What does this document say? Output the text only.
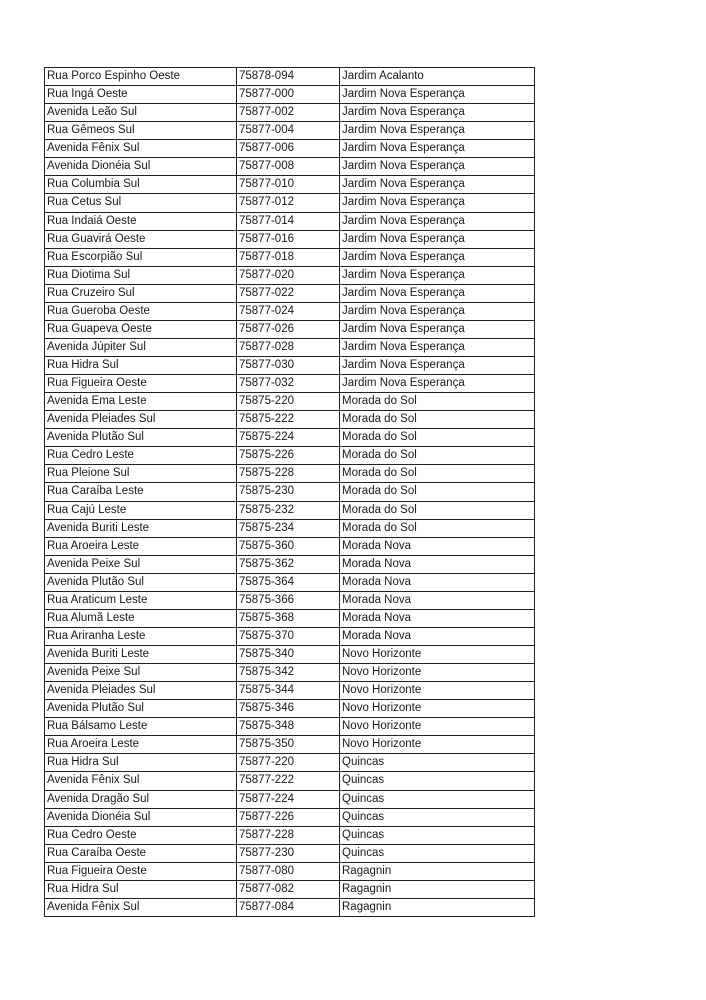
Rua Porco Espinho Oeste	75878-094	Jardim Acalanto
Rua Ingá Oeste	75877-000	Jardim Nova Esperança
Avenida Leão Sul	75877-002	Jardim Nova Esperança
Rua Gêmeos Sul	75877-004	Jardim Nova Esperança
Avenida Fênix Sul	75877-006	Jardim Nova Esperança
Avenida Dionéia Sul	75877-008	Jardim Nova Esperança
Rua Columbia Sul	75877-010	Jardim Nova Esperança
Rua Cetus Sul	75877-012	Jardim Nova Esperança
Rua Indaiá Oeste	75877-014	Jardim Nova Esperança
Rua Guavirá Oeste	75877-016	Jardim Nova Esperança
Rua Escorpião Sul	75877-018	Jardim Nova Esperança
Rua Diotima Sul	75877-020	Jardim Nova Esperança
Rua Cruzeiro Sul	75877-022	Jardim Nova Esperança
Rua Gueroba Oeste	75877-024	Jardim Nova Esperança
Rua Guapeva Oeste	75877-026	Jardim Nova Esperança
Avenida Júpiter Sul	75877-028	Jardim Nova Esperança
Rua Hidra Sul	75877-030	Jardim Nova Esperança
Rua Figueira Oeste	75877-032	Jardim Nova Esperança
Avenida Ema Leste	75875-220	Morada do Sol
Avenida Pleiades Sul	75875-222	Morada do Sol
Avenida Plutão Sul	75875-224	Morada do Sol
Rua Cedro Leste	75875-226	Morada do Sol
Rua Pleione Sul	75875-228	Morada do Sol
Rua Caraíba Leste	75875-230	Morada do Sol
Rua Cajú Leste	75875-232	Morada do Sol
Avenida Buriti Leste	75875-234	Morada do Sol
Rua Aroeira Leste	75875-360	Morada Nova
Avenida Peixe Sul	75875-362	Morada Nova
Avenida Plutão Sul	75875-364	Morada Nova
Rua Araticum Leste	75875-366	Morada Nova
Rua Alumã Leste	75875-368	Morada Nova
Rua Ariranha Leste	75875-370	Morada Nova
Avenida Buriti Leste	75875-340	Novo Horizonte
Avenida Peixe Sul	75875-342	Novo Horizonte
Avenida Pleiades Sul	75875-344	Novo Horizonte
Avenida Plutão Sul	75875-346	Novo Horizonte
Rua Bálsamo Leste	75875-348	Novo Horizonte
Rua Aroeira Leste	75875-350	Novo Horizonte
Rua Hidra Sul	75877-220	Quincas
Avenida Fênix Sul	75877-222	Quincas
Avenida Dragão Sul	75877-224	Quincas
Avenida Dionéia Sul	75877-226	Quincas
Rua Cedro Oeste	75877-228	Quincas
Rua Caraíba Oeste	75877-230	Quincas
Rua Figueira Oeste	75877-080	Ragagnin
Rua Hidra Sul	75877-082	Ragagnin
Avenida Fênix Sul	75877-084	Ragagnin
